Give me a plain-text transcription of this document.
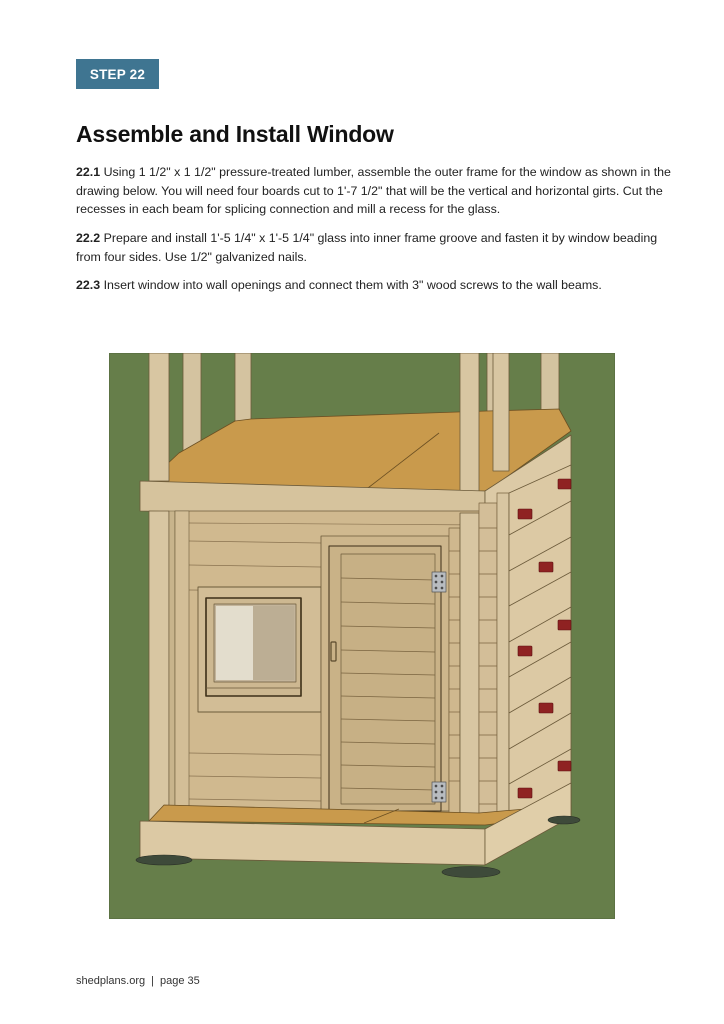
STEP 22
Assemble and Install Window

22.1 Using 1 1/2" x 1 1/2" pressure-treated lumber, assemble the outer frame for the window as shown in the drawing below. You will need four boards cut to 1'-7 1/2" that will be the vertical and horizontal girts. Cut the recesses in each beam for splicing connection and mill a recess for the glass.

22.2 Prepare and install 1'-5 1/4" x 1'-5 1/4" glass into inner frame groove and fasten it by window beading from four sides. Use 1/2" galvanized nails.

22.3 Insert window into wall openings and connect them with 3" wood screws to the wall beams.

shedplans.org | page 35
